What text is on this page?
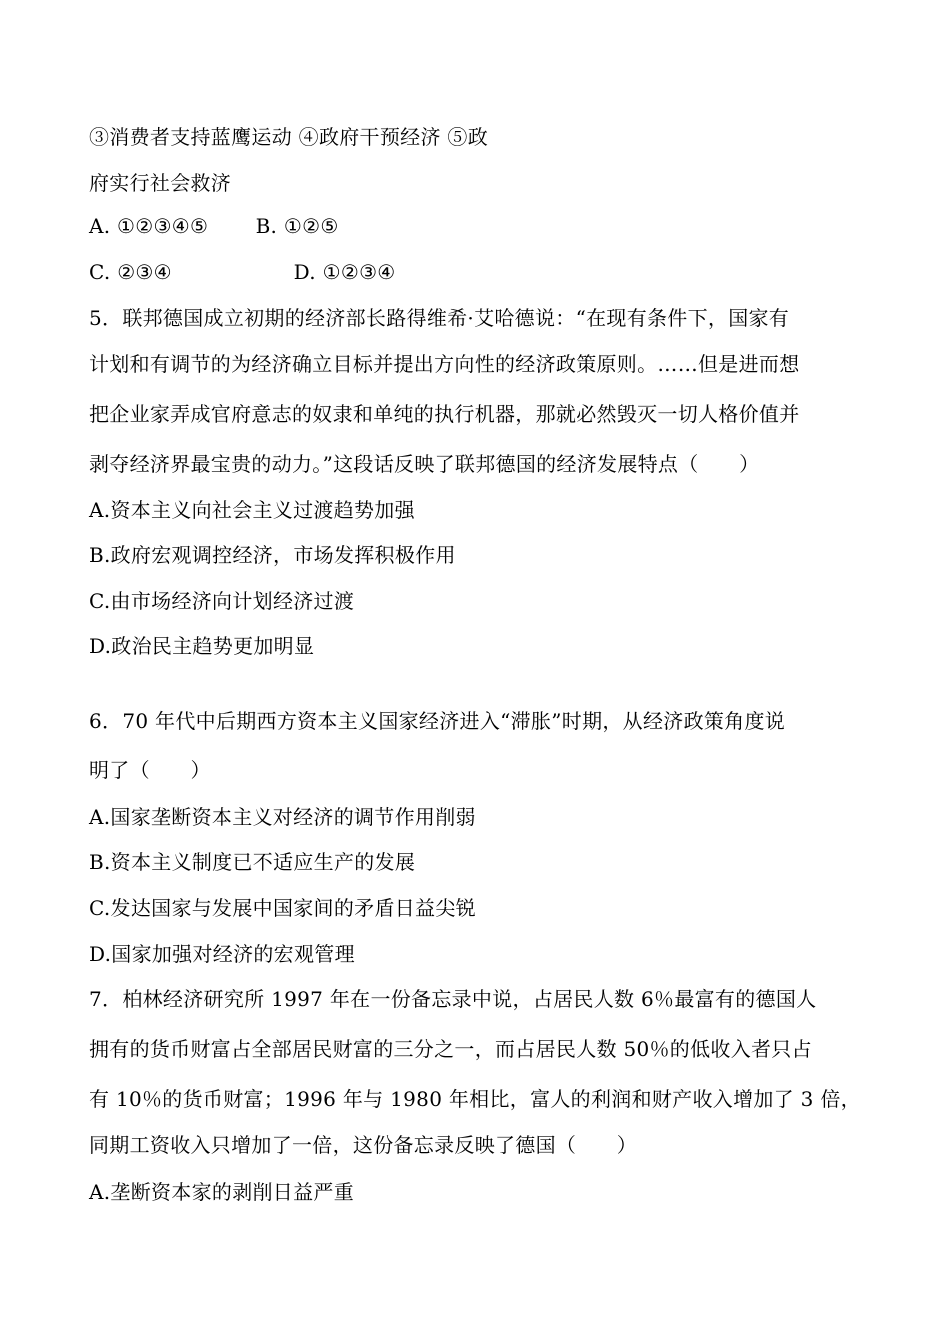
③消费者支持蓝鹰运动 ④政府干预经济 ⑤政
府实行社会救济
A. ①②③④⑤ B. ①②⑤
C. ②③④	D. ①②③④
5．联邦德国成立初期的经济部长路得维希·艾哈德说：“在现有条件下，国家有
计划和有调节的为经济确立目标并提出方向性的经济政策原则。……但是进而想
把企业家弄成官府意志的奴隶和单纯的执行机器，那就必然毁灭一切人格价值并
剥夺经济界最宝贵的动力。”这段话反映了联邦德国的经济发展特点（　　）
A.资本主义向社会主义过渡趋势加强
B.政府宏观调控经济，市场发挥积极作用
C.由市场经济向计划经济过渡
D.政治民主趋势更加明显
6．70 年代中后期西方资本主义国家经济进入“滞胀”时期，从经济政策角度说
明了（　　）
A.国家垄断资本主义对经济的调节作用削弱
B.资本主义制度已不适应生产的发展
C.发达国家与发展中国家间的矛盾日益尖锐
D.国家加强对经济的宏观管理
7．柏林经济研究所 1997 年在一份备忘录中说，占居民人数 6％最富有的德国人
拥有的货币财富占全部居民财富的三分之一，而占居民人数 50％的低收入者只占
有 10％的货币财富；1996 年与 1980 年相比，富人的利润和财产收入增加了 3 倍，
同期工资收入只增加了一倍，这份备忘录反映了德国（　　）
A.垄断资本家的剥削日益严重
